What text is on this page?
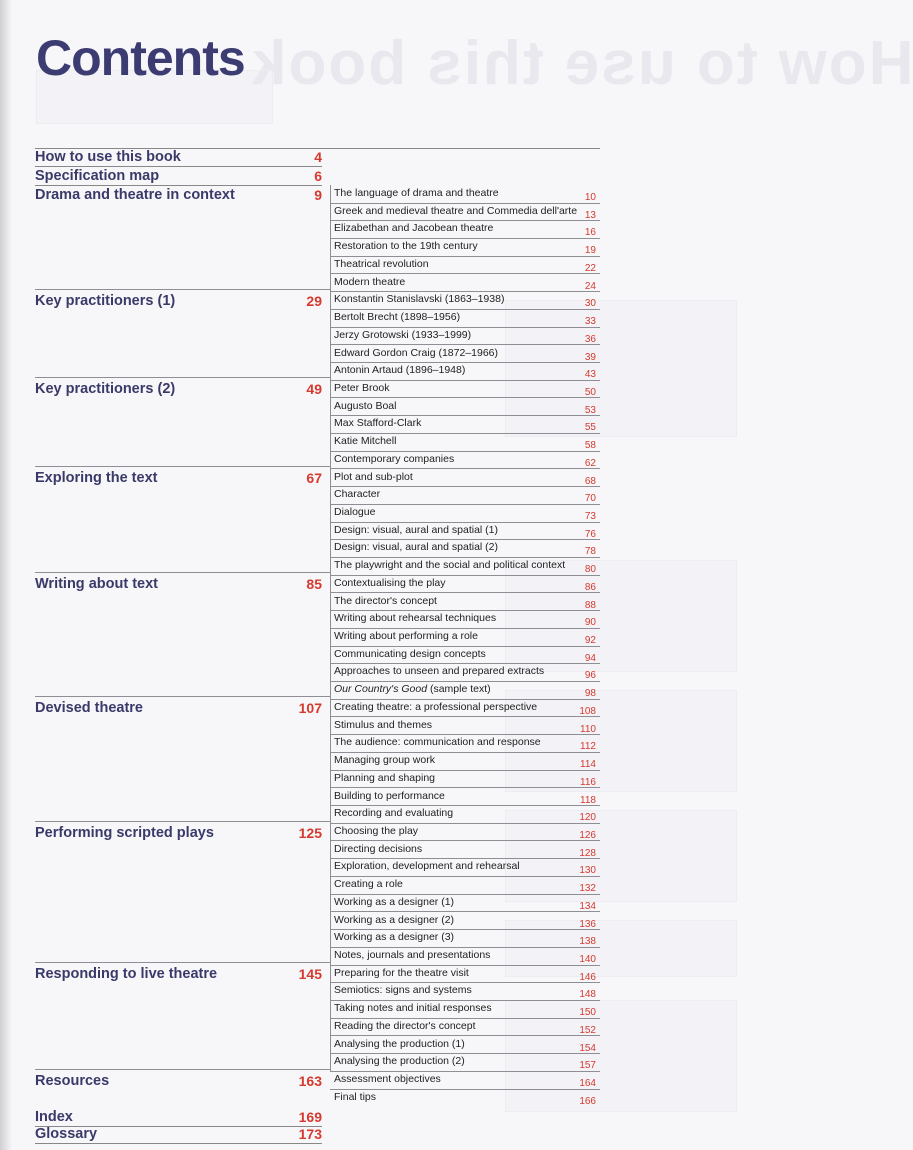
How to use this book
Contents
How to use this book	4
Specification map	6
Drama and theatre in context	9
Key practitioners (1)	29
Key practitioners (2)	49
Exploring the text	67
Writing about text	85
Devised theatre	107
Performing scripted plays	125
Responding to live theatre	145
Resources	163
Index	169
Glossary	173
The language of drama and theatre	10
Greek and medieval theatre and Commedia dell'arte 13
Elizabethan and Jacobean theatre	16
Restoration to the 19th century	19
Theatrical revolution	22
Modern theatre	24
Konstantin Stanislavski (1863–1938)	30
Bertolt Brecht (1898–1956)	33
Jerzy Grotowski (1933–1999)	36
Edward Gordon Craig (1872–1966)	39
Antonin Artaud (1896–1948)	43
Peter Brook	50
Augusto Boal	53
Max Stafford-Clark	55
Katie Mitchell	58
Contemporary companies	62
Plot and sub-plot	68
Character	70
Dialogue	73
Design: visual, aural and spatial (1)	76
Design: visual, aural and spatial (2)	78
The playwright and the social and political context 80
Contextualising the play	86
The director's concept	88
Writing about rehearsal techniques	90
Writing about performing a role	92
Communicating design concepts	94
Approaches to unseen and prepared extracts	96
Our Country's Good (sample text)	98
Creating theatre: a professional perspective	108
Stimulus and themes	110
The audience: communication and response	112
Managing group work	114
Planning and shaping	116
Building to performance	118
Recording and evaluating	120
Choosing the play	126
Directing decisions	128
Exploration, development and rehearsal	130
Creating a role	132
Working as a designer (1)	134
Working as a designer (2)	136
Working as a designer (3)	138
Notes, journals and presentations	140
Preparing for the theatre visit	146
Semiotics: signs and systems	148
Taking notes and initial responses	150
Reading the director's concept	152
Analysing the production (1)	154
Analysing the production (2)	157
Assessment objectives	164
Final tips	166
